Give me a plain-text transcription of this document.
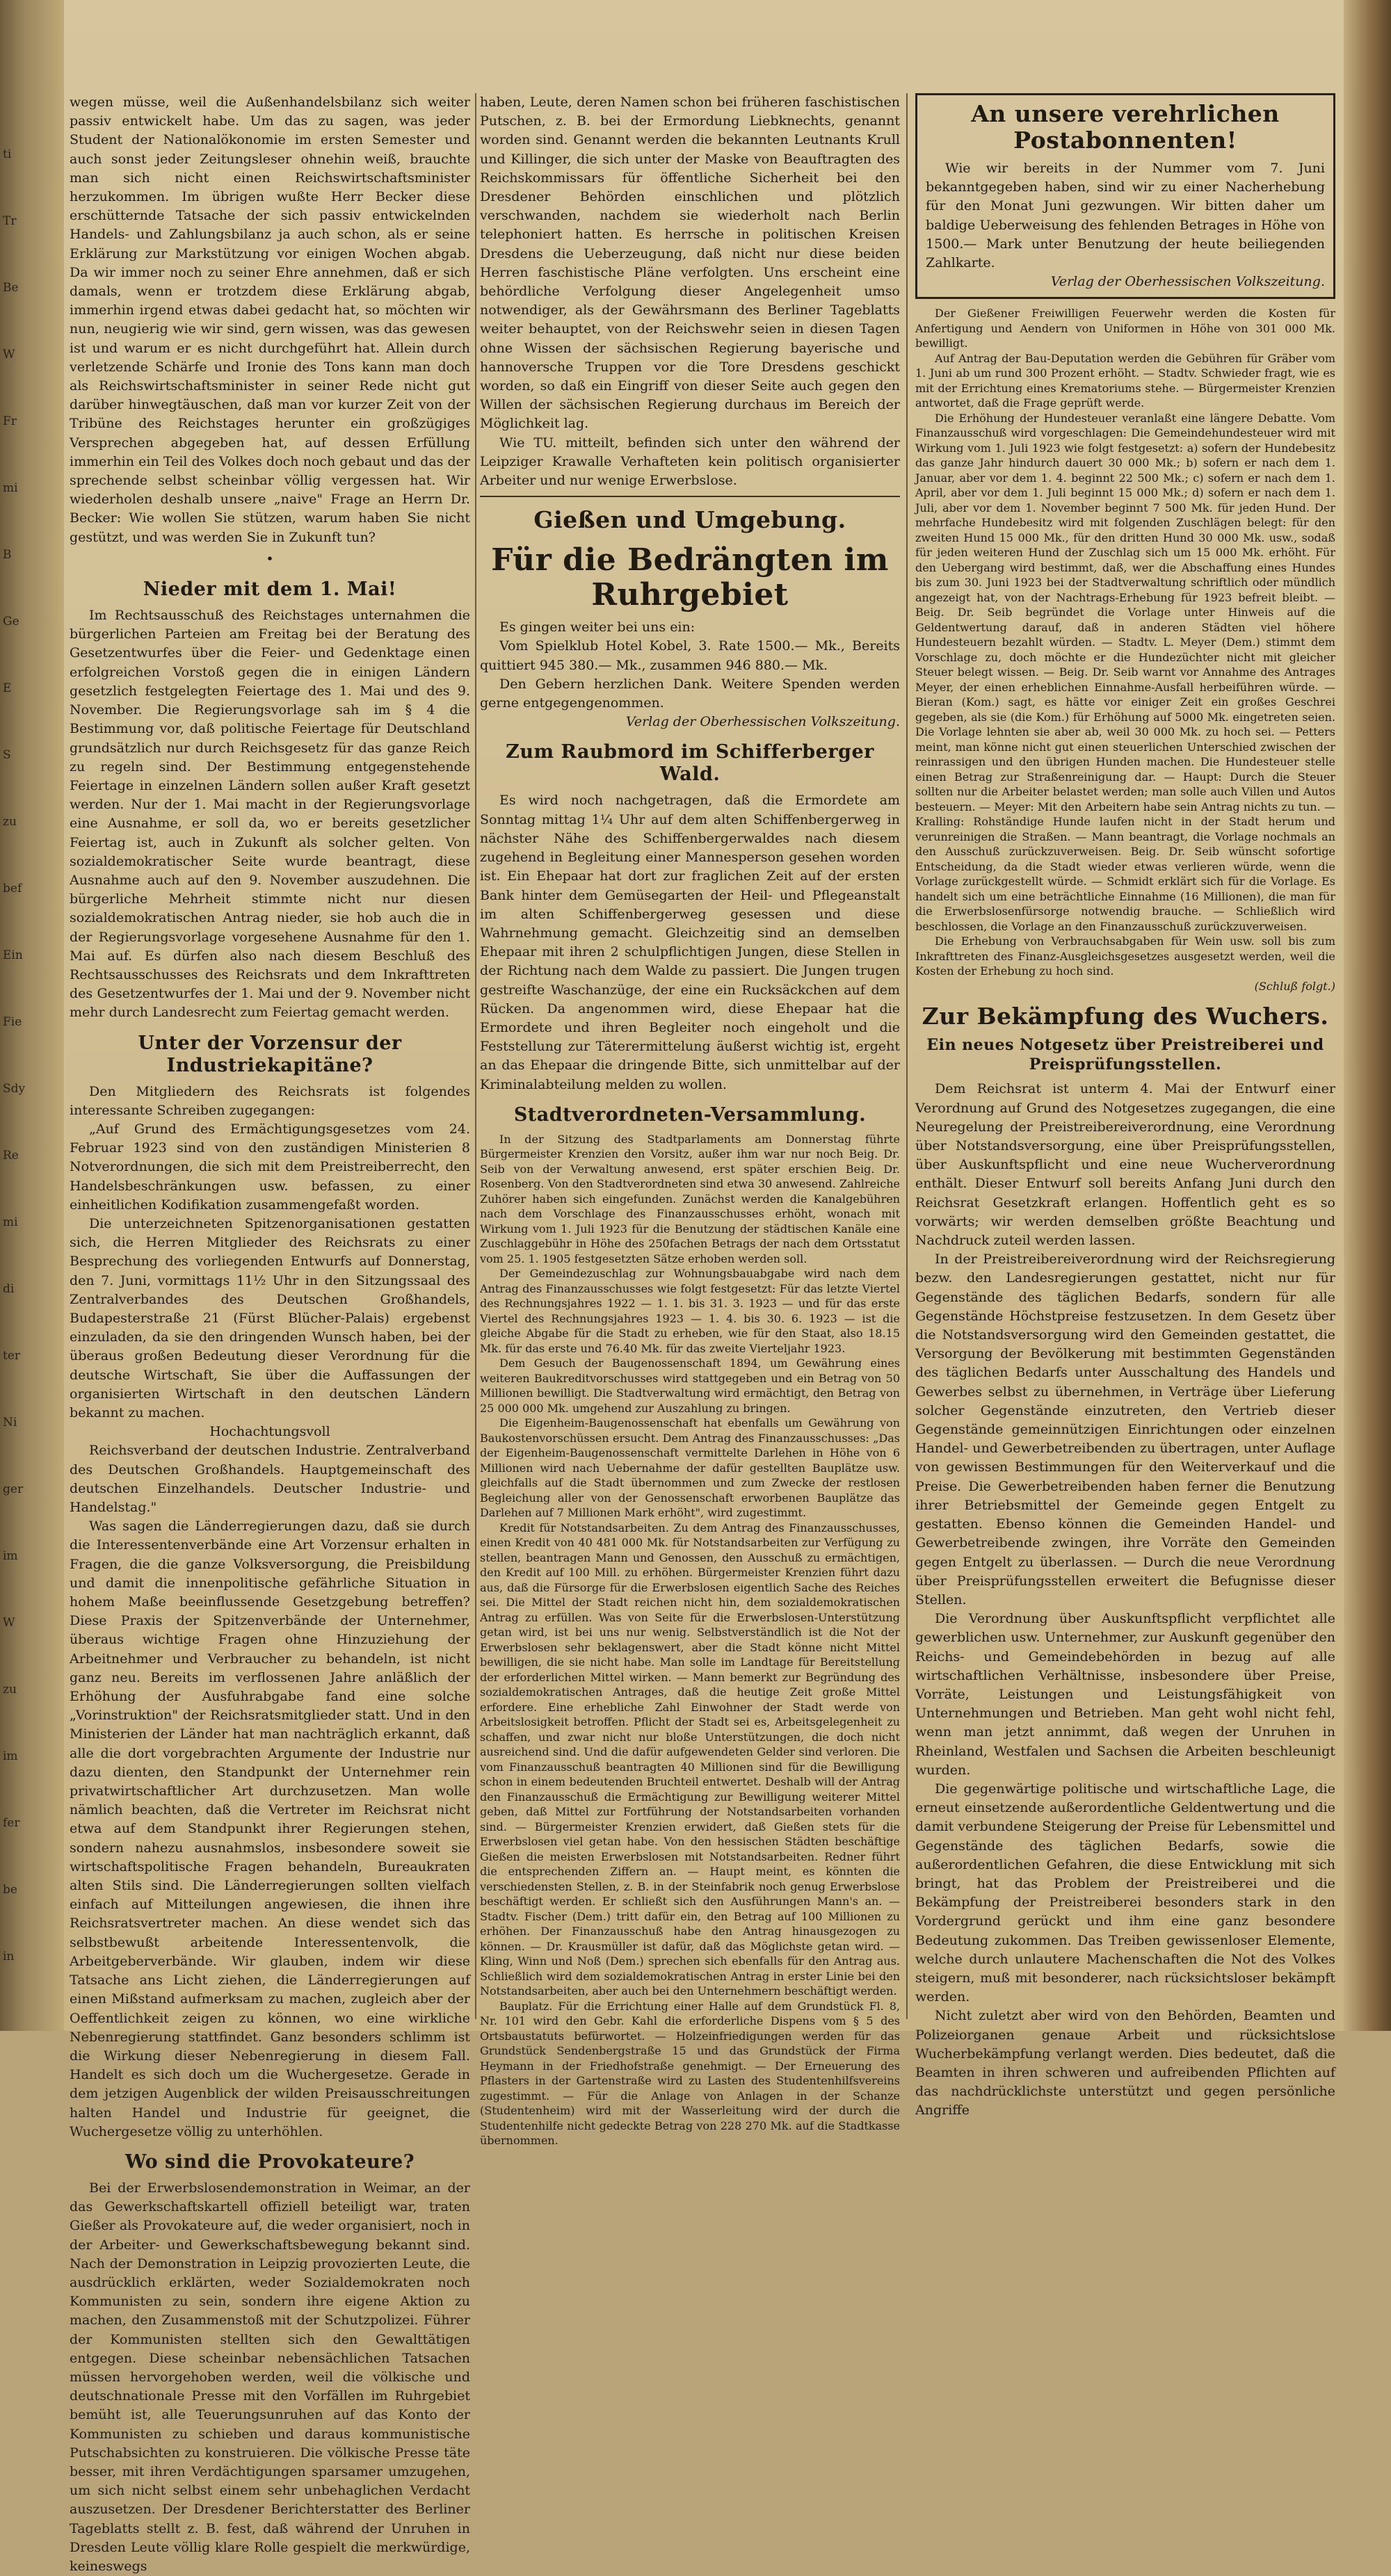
ti
Tr
Be
W
Fr
mi
B
Ge
E
S
zu
bef
Ein
Fie
Sdy
Re
mi
di
ter
Ni
ger
im
W
zu
im
fer
be
in

wegen müsse, weil die Außenhandelsbilanz sich weiter passiv entwickelt habe. Um das zu sagen, was jeder Student der Nationalökonomie im ersten Semester und auch sonst jeder Zeitungsleser ohnehin weiß, brauchte man sich nicht einen Reichswirtschaftsminister herzukommen. Im übrigen wußte Herr Becker diese erschütternde Tatsache der sich passiv entwickelnden Handels- und Zahlungsbilanz ja auch schon, als er seine Erklärung zur Markstützung vor einigen Wochen abgab. Da wir immer noch zu seiner Ehre annehmen, daß er sich damals, wenn er trotzdem diese Erklärung abgab, immerhin irgend etwas dabei gedacht hat, so möchten wir nun, neugierig wie wir sind, gern wissen, was das gewesen ist und warum er es nicht durchgeführt hat. Allein durch verletzende Schärfe und Ironie des Tons kann man doch als Reichswirtschaftsminister in seiner Rede nicht gut darüber hinwegtäuschen, daß man vor kurzer Zeit von der Tribüne des Reichstages herunter ein großzügiges Versprechen abgegeben hat, auf dessen Erfüllung immerhin ein Teil des Volkes doch noch gebaut und das der sprechende selbst scheinbar völlig vergessen hat. Wir wiederholen deshalb unsere „naive" Frage an Herrn Dr. Becker: Wie wollen Sie stützen, warum haben Sie nicht gestützt, und was werden Sie in Zukunft tun?

•
Nieder mit dem 1. Mai!

Im Rechtsausschuß des Reichstages unternahmen die bürgerlichen Parteien am Freitag bei der Beratung des Gesetzentwurfes über die Feier- und Gedenktage einen erfolgreichen Vorstoß gegen die in einigen Ländern gesetzlich festgelegten Feiertage des 1. Mai und des 9. November. Die Regierungsvorlage sah im § 4 die Bestimmung vor, daß politische Feiertage für Deutschland grundsätzlich nur durch Reichsgesetz für das ganze Reich zu regeln sind. Der Bestimmung entgegenstehende Feiertage in einzelnen Ländern sollen außer Kraft gesetzt werden. Nur der 1. Mai macht in der Regierungsvorlage eine Ausnahme, er soll da, wo er bereits gesetzlicher Feiertag ist, auch in Zukunft als solcher gelten. Von sozialdemokratischer Seite wurde beantragt, diese Ausnahme auch auf den 9. November auszudehnen. Die bürgerliche Mehrheit stimmte nicht nur diesen sozialdemokratischen Antrag nieder, sie hob auch die in der Regierungsvorlage vorgesehene Ausnahme für den 1. Mai auf. Es dürfen also nach diesem Beschluß des Rechtsausschusses des Reichsrats und dem Inkrafttreten des Gesetzentwurfes der 1. Mai und der 9. November nicht mehr durch Landesrecht zum Feiertag gemacht werden.

Unter der Vorzensur der Industriekapitäne?

Den Mitgliedern des Reichsrats ist folgendes interessante Schreiben zugegangen:

„Auf Grund des Ermächtigungsgesetzes vom 24. Februar 1923 sind von den zuständigen Ministerien 8 Notverordnungen, die sich mit dem Preistreiberrecht, den Handelsbeschränkungen usw. befassen, zu einer einheitlichen Kodifikation zusammengefaßt worden.

Die unterzeichneten Spitzenorganisationen gestatten sich, die Herren Mitglieder des Reichsrats zu einer Besprechung des vorliegenden Entwurfs auf Donnerstag, den 7. Juni, vormittags 11½ Uhr in den Sitzungssaal des Zentralverbandes des Deutschen Großhandels, Budapesterstraße 21 (Fürst Blücher-Palais) ergebenst einzuladen, da sie den dringenden Wunsch haben, bei der überaus großen Bedeutung dieser Verordnung für die deutsche Wirtschaft, Sie über die Auffassungen der organisierten Wirtschaft in den deutschen Ländern bekannt zu machen.

Hochachtungsvoll

Reichsverband der deutschen Industrie. Zentralverband des Deutschen Großhandels. Hauptgemeinschaft des deutschen Einzelhandels. Deutscher Industrie- und Handelstag."

Was sagen die Länderregierungen dazu, daß sie durch die Interessentenverbände eine Art Vorzensur erhalten in Fragen, die die ganze Volksversorgung, die Preisbildung und damit die innenpolitische gefährliche Situation in hohem Maße beeinflussende Gesetzgebung betreffen? Diese Praxis der Spitzenverbände der Unternehmer, überaus wichtige Fragen ohne Hinzuziehung der Arbeitnehmer und Verbraucher zu behandeln, ist nicht ganz neu. Bereits im verflossenen Jahre anläßlich der Erhöhung der Ausfuhrabgabe fand eine solche „Vorinstruktion" der Reichsratsmitglieder statt. Und in den Ministerien der Länder hat man nachträglich erkannt, daß alle die dort vorgebrachten Argumente der Industrie nur dazu dienten, den Standpunkt der Unternehmer rein privatwirtschaftlicher Art durchzusetzen. Man wolle nämlich beachten, daß die Vertreter im Reichsrat nicht etwa auf dem Standpunkt ihrer Regierungen stehen, sondern nahezu ausnahmslos, insbesondere soweit sie wirtschaftspolitische Fragen behandeln, Bureaukraten alten Stils sind. Die Länderregierungen sollten vielfach einfach auf Mitteilungen angewiesen, die ihnen ihre Reichsratsvertreter machen. An diese wendet sich das selbstbewußt arbeitende Interessentenvolk, die Arbeitgeberverbände. Wir glauben, indem wir diese Tatsache ans Licht ziehen, die Länderregierungen auf einen Mißstand aufmerksam zu machen, zugleich aber der Oeffentlichkeit zeigen zu können, wo eine wirkliche Nebenregierung stattfindet. Ganz besonders schlimm ist die Wirkung dieser Nebenregierung in diesem Fall. Handelt es sich doch um die Wuchergesetze. Gerade in dem jetzigen Augenblick der wilden Preisausschreitungen halten Handel und Industrie für geeignet, die Wuchergesetze völlig zu unterhöhlen.

Wo sind die Provokateure?

Bei der Erwerbslosendemonstration in Weimar, an der das Gewerkschaftskartell offiziell beteiligt war, traten Gießer als Provokateure auf, die weder organisiert, noch in der Arbeiter- und Gewerkschaftsbewegung bekannt sind. Nach der Demonstration in Leipzig provozierten Leute, die ausdrücklich erklärten, weder Sozialdemokraten noch Kommunisten zu sein, sondern ihre eigene Aktion zu machen, den Zusammenstoß mit der Schutzpolizei. Führer der Kommunisten stellten sich den Gewalttätigen entgegen. Diese scheinbar nebensächlichen Tatsachen müssen hervorgehoben werden, weil die völkische und deutschnationale Presse mit den Vorfällen im Ruhrgebiet bemüht ist, alle Teuerungsunruhen auf das Konto der Kommunisten zu schieben und daraus kommunistische Putschabsichten zu konstruieren. Die völkische Presse täte besser, mit ihren Verdächtigungen sparsamer umzugehen, um sich nicht selbst einem sehr unbehaglichen Verdacht auszusetzen. Der Dresdener Berichterstatter des Berliner Tageblatts stellt z. B. fest, daß während der Unruhen in Dresden Leute völlig klare Rolle gespielt die merkwürdige, keineswegs

haben, Leute, deren Namen schon bei früheren faschistischen Putschen, z. B. bei der Ermordung Liebknechts, genannt worden sind. Genannt werden die bekannten Leutnants Krull und Killinger, die sich unter der Maske von Beauftragten des Reichskommissars für öffentliche Sicherheit bei den Dresdener Behörden einschlichen und plötzlich verschwanden, nachdem sie wiederholt nach Berlin telephoniert hatten. Es herrsche in politischen Kreisen Dresdens die Ueberzeugung, daß nicht nur diese beiden Herren faschistische Pläne verfolgten. Uns erscheint eine behördliche Verfolgung dieser Angelegenheit umso notwendiger, als der Gewährsmann des Berliner Tageblatts weiter behauptet, von der Reichswehr seien in diesen Tagen ohne Wissen der sächsischen Regierung bayerische und hannoversche Truppen vor die Tore Dresdens geschickt worden, so daß ein Eingriff von dieser Seite auch gegen den Willen der sächsischen Regierung durchaus im Bereich der Möglichkeit lag.

Wie TU. mitteilt, befinden sich unter den während der Leipziger Krawalle Verhafteten kein politisch organisierter Arbeiter und nur wenige Erwerbslose.

Gießen und Umgebung.
Für die Bedrängten im Ruhrgebiet

Es gingen weiter bei uns ein:

Vom Spielklub Hotel Kobel, 3. Rate 1500.— Mk., Bereits quittiert 945 380.— Mk., zusammen 946 880.— Mk.

Den Gebern herzlichen Dank. Weitere Spenden werden gerne entgegengenommen.

Verlag der Oberhessischen Volkszeitung.

Zum Raubmord im Schifferberger Wald.

Es wird noch nachgetragen, daß die Ermordete am Sonntag mittag 1¼ Uhr auf dem alten Schiffenbergerweg in nächster Nähe des Schiffenbergerwaldes nach diesem zugehend in Begleitung einer Mannesperson gesehen worden ist. Ein Ehepaar hat dort zur fraglichen Zeit auf der ersten Bank hinter dem Gemüsegarten der Heil- und Pflegeanstalt im alten Schiffenbergerweg gesessen und diese Wahrnehmung gemacht. Gleichzeitig sind an demselben Ehepaar mit ihren 2 schulpflichtigen Jungen, diese Stellen in der Richtung nach dem Walde zu passiert. Die Jungen trugen gestreifte Waschanzüge, der eine ein Rucksäckchen auf dem Rücken. Da angenommen wird, diese Ehepaar hat die Ermordete und ihren Begleiter noch eingeholt und die Feststellung zur Täterermittelung äußerst wichtig ist, ergeht an das Ehepaar die dringende Bitte, sich unmittelbar auf der Kriminalabteilung melden zu wollen.

Stadtverordneten-Versammlung.

In der Sitzung des Stadtparlaments am Donnerstag führte Bürgermeister Krenzien den Vorsitz, außer ihm war nur noch Beig. Dr. Seib von der Verwaltung anwesend, erst später erschien Beig. Dr. Rosenberg. Von den Stadtverordneten sind etwa 30 anwesend. Zahlreiche Zuhörer haben sich eingefunden. Zunächst werden die Kanalgebühren nach dem Vorschlage des Finanzausschusses erhöht, wonach mit Wirkung vom 1. Juli 1923 für die Benutzung der städtischen Kanäle eine Zuschlaggebühr in Höhe des 250fachen Betrags der nach dem Ortsstatut vom 25. 1. 1905 festgesetzten Sätze erhoben werden soll.

Der Gemeindezuschlag zur Wohnungsbauabgabe wird nach dem Antrag des Finanzausschusses wie folgt festgesetzt: Für das letzte Viertel des Rechnungsjahres 1922 — 1. 1. bis 31. 3. 1923 — und für das erste Viertel des Rechnungsjahres 1923 — 1. 4. bis 30. 6. 1923 — ist die gleiche Abgabe für die Stadt zu erheben, wie für den Staat, also 18.15 Mk. für das erste und 76.40 Mk. für das zweite Vierteljahr 1923.

Dem Gesuch der Baugenossenschaft 1894, um Gewährung eines weiteren Baukreditvorschusses wird stattgegeben und ein Betrag von 50 Millionen bewilligt. Die Stadtverwaltung wird ermächtigt, den Betrag von 25 000 000 Mk. umgehend zur Auszahlung zu bringen.

Die Eigenheim-Baugenossenschaft hat ebenfalls um Gewährung von Baukostenvorschüssen ersucht. Dem Antrag des Finanzausschusses: „Das der Eigenheim-Baugenossenschaft vermittelte Darlehen in Höhe von 6 Millionen wird nach Uebernahme der dafür gestellten Bauplätze usw. gleichfalls auf die Stadt übernommen und zum Zwecke der restlosen Begleichung aller von der Genossenschaft erworbenen Bauplätze das Darlehen auf 7 Millionen Mark erhöht", wird zugestimmt.

Kredit für Notstandsarbeiten. Zu dem Antrag des Finanzausschusses, einen Kredit von 40 481 000 Mk. für Notstandsarbeiten zur Verfügung zu stellen, beantragen Mann und Genossen, den Ausschuß zu ermächtigen, den Kredit auf 100 Mill. zu erhöhen. Bürgermeister Krenzien führt dazu aus, daß die Fürsorge für die Erwerbslosen eigentlich Sache des Reiches sei. Die Mittel der Stadt reichen nicht hin, dem sozialdemokratischen Antrag zu erfüllen. Was von Seite für die Erwerbslosen-Unterstützung getan wird, ist bei uns nur wenig. Selbstverständlich ist die Not der Erwerbslosen sehr beklagenswert, aber die Stadt könne nicht Mittel bewilligen, die sie nicht habe. Man solle im Landtage für Bereitstellung der erforderlichen Mittel wirken. — Mann bemerkt zur Begründung des sozialdemokratischen Antrages, daß die heutige Zeit große Mittel erfordere. Eine erhebliche Zahl Einwohner der Stadt werde von Arbeitslosigkeit betroffen. Pflicht der Stadt sei es, Arbeitsgelegenheit zu schaffen, und zwar nicht nur bloße Unterstützungen, die doch nicht ausreichend sind. Und die dafür aufgewendeten Gelder sind verloren. Die vom Finanzausschuß beantragten 40 Millionen sind für die Bewilligung schon in einem bedeutenden Bruchteil entwertet. Deshalb will der Antrag den Finanzausschuß die Ermächtigung zur Bewilligung weiterer Mittel geben, daß Mittel zur Fortführung der Notstandsarbeiten vorhanden sind. — Bürgermeister Krenzien erwidert, daß Gießen stets für die Erwerbslosen viel getan habe. Von den hessischen Städten beschäftige Gießen die meisten Erwerbslosen mit Notstandsarbeiten. Redner führt die entsprechenden Ziffern an. — Haupt meint, es könnten die verschiedensten Stellen, z. B. in der Steinfabrik noch genug Erwerbslose beschäftigt werden. Er schließt sich den Ausführungen Mann's an. — Stadtv. Fischer (Dem.) tritt dafür ein, den Betrag auf 100 Millionen zu erhöhen. Der Finanzausschuß habe den Antrag hinausgezogen zu können. — Dr. Krausmüller ist dafür, daß das Möglichste getan wird. — Kling, Winn und Noß (Dem.) sprechen sich ebenfalls für den Antrag aus. Schließlich wird dem sozialdemokratischen Antrag in erster Linie bei den Notstandsarbeiten, aber auch bei den Unternehmern beschäftigt werden.

Bauplatz. Für die Errichtung einer Halle auf dem Grundstück Fl. 8, Nr. 101 wird den Gebr. Kahl die erforderliche Dispens vom § 5 des Ortsbaustatuts befürwortet. — Holzeinfriedigungen werden für das Grundstück Sendenbergstraße 15 und das Grundstück der Firma Heymann in der Friedhofstraße genehmigt. — Der Erneuerung des Pflasters in der Gartenstraße wird zu Lasten des Studentenhilfsvereins zugestimmt. — Für die Anlage von Anlagen in der Schanze (Studentenheim) wird mit der Wasserleitung wird der durch die Studentenhilfe nicht gedeckte Betrag von 228 270 Mk. auf die Stadtkasse übernommen.

An unsere verehrlichen Postabonnenten!

Wie wir bereits in der Nummer vom 7. Juni bekanntgegeben haben, sind wir zu einer Nacherhebung für den Monat Juni gezwungen. Wir bitten daher um baldige Ueberweisung des fehlenden Betrages in Höhe von 1500.— Mark unter Benutzung der heute beiliegenden Zahlkarte.

Verlag der Oberhessischen Volkszeitung.

Der Gießener Freiwilligen Feuerwehr werden die Kosten für Anfertigung und Aendern von Uniformen in Höhe von 301 000 Mk. bewilligt.

Auf Antrag der Bau-Deputation werden die Gebühren für Gräber vom 1. Juni ab um rund 300 Prozent erhöht. — Stadtv. Schwieder fragt, wie es mit der Errichtung eines Krematoriums stehe. — Bürgermeister Krenzien antwortet, daß die Frage geprüft werde.

Die Erhöhung der Hundesteuer veranlaßt eine längere Debatte. Vom Finanzausschuß wird vorgeschlagen: Die Gemeindehundesteuer wird mit Wirkung vom 1. Juli 1923 wie folgt festgesetzt: a) sofern der Hundebesitz das ganze Jahr hindurch dauert 30 000 Mk.; b) sofern er nach dem 1. Januar, aber vor dem 1. 4. beginnt 22 500 Mk.; c) sofern er nach dem 1. April, aber vor dem 1. Juli beginnt 15 000 Mk.; d) sofern er nach dem 1. Juli, aber vor dem 1. November beginnt 7 500 Mk. für jeden Hund. Der mehrfache Hundebesitz wird mit folgenden Zuschlägen belegt: für den zweiten Hund 15 000 Mk., für den dritten Hund 30 000 Mk. usw., sodaß für jeden weiteren Hund der Zuschlag sich um 15 000 Mk. erhöht. Für den Uebergang wird bestimmt, daß, wer die Abschaffung eines Hundes bis zum 30. Juni 1923 bei der Stadtverwaltung schriftlich oder mündlich angezeigt hat, von der Nachtrags-Erhebung für 1923 befreit bleibt. — Beig. Dr. Seib begründet die Vorlage unter Hinweis auf die Geldentwertung darauf, daß in anderen Städten viel höhere Hundesteuern bezahlt würden. — Stadtv. L. Meyer (Dem.) stimmt dem Vorschlage zu, doch möchte er die Hundezüchter nicht mit gleicher Steuer belegt wissen. — Beig. Dr. Seib warnt vor Annahme des Antrages Meyer, der einen erheblichen Einnahme-Ausfall herbeiführen würde. — Bieran (Kom.) sagt, es hätte vor einiger Zeit ein großes Geschrei gegeben, als sie (die Kom.) für Erhöhung auf 5000 Mk. eingetreten seien. Die Vorlage lehnten sie aber ab, weil 30 000 Mk. zu hoch sei. — Petters meint, man könne nicht gut einen steuerlichen Unterschied zwischen der reinrassigen und den übrigen Hunden machen. Die Hundesteuer stelle einen Betrag zur Straßenreinigung dar. — Haupt: Durch die Steuer sollten nur die Arbeiter belastet werden; man solle auch Villen und Autos besteuern. — Meyer: Mit den Arbeitern habe sein Antrag nichts zu tun. — Kralling: Rohständige Hunde laufen nicht in der Stadt herum und verunreinigen die Straßen. — Mann beantragt, die Vorlage nochmals an den Ausschuß zurückzuverweisen. Beig. Dr. Seib wünscht sofortige Entscheidung, da die Stadt wieder etwas verlieren würde, wenn die Vorlage zurückgestellt würde. — Schmidt erklärt sich für die Vorlage. Es handelt sich um eine beträchtliche Einnahme (16 Millionen), die man für die Erwerbslosenfürsorge notwendig brauche. — Schließlich wird beschlossen, die Vorlage an den Finanzausschuß zurückzuverweisen.

Die Erhebung von Verbrauchsabgaben für Wein usw. soll bis zum Inkrafttreten des Finanz-Ausgleichsgesetzes ausgesetzt werden, weil die Kosten der Erhebung zu hoch sind.

(Schluß folgt.)

Zur Bekämpfung des Wuchers.
Ein neues Notgesetz über Preistreiberei und Preisprüfungsstellen.

Dem Reichsrat ist unterm 4. Mai der Entwurf einer Verordnung auf Grund des Notgesetzes zugegangen, die eine Neuregelung der Preistreibereiverordnung, eine Verordnung über Notstandsversorgung, eine über Preisprüfungsstellen, über Auskunftspflicht und eine neue Wucherverordnung enthält. Dieser Entwurf soll bereits Anfang Juni durch den Reichsrat Gesetzkraft erlangen. Hoffentlich geht es so vorwärts; wir werden demselben größte Beachtung und Nachdruck zuteil werden lassen.

In der Preistreibereiverordnung wird der Reichsregierung bezw. den Landesregierungen gestattet, nicht nur für Gegenstände des täglichen Bedarfs, sondern für alle Gegenstände Höchstpreise festzusetzen. In dem Gesetz über die Notstandsversorgung wird den Gemeinden gestattet, die Versorgung der Bevölkerung mit bestimmten Gegenständen des täglichen Bedarfs unter Ausschaltung des Handels und Gewerbes selbst zu übernehmen, in Verträge über Lieferung solcher Gegenstände einzutreten, den Vertrieb dieser Gegenstände gemeinnützigen Einrichtungen oder einzelnen Handel- und Gewerbetreibenden zu übertragen, unter Auflage von gewissen Bestimmungen für den Weiterverkauf und die Preise. Die Gewerbetreibenden haben ferner die Benutzung ihrer Betriebsmittel der Gemeinde gegen Entgelt zu gestatten. Ebenso können die Gemeinden Handel- und Gewerbetreibende zwingen, ihre Vorräte den Gemeinden gegen Entgelt zu überlassen. — Durch die neue Verordnung über Preisprüfungsstellen erweitert die Befugnisse dieser Stellen.

Die Verordnung über Auskunftspflicht verpflichtet alle gewerblichen usw. Unternehmer, zur Auskunft gegenüber den Reichs- und Gemeindebehörden in bezug auf alle wirtschaftlichen Verhältnisse, insbesondere über Preise, Vorräte, Leistungen und Leistungsfähigkeit von Unternehmungen und Betrieben. Man geht wohl nicht fehl, wenn man jetzt annimmt, daß wegen der Unruhen in Rheinland, Westfalen und Sachsen die Arbeiten beschleunigt wurden.

Die gegenwärtige politische und wirtschaftliche Lage, die erneut einsetzende außerordentliche Geldentwertung und die damit verbundene Steigerung der Preise für Lebensmittel und Gegenstände des täglichen Bedarfs, sowie die außerordentlichen Gefahren, die diese Entwicklung mit sich bringt, hat das Problem der Preistreiberei und die Bekämpfung der Preistreiberei besonders stark in den Vordergrund gerückt und ihm eine ganz besondere Bedeutung zukommen. Das Treiben gewissenloser Elemente, welche durch unlautere Machenschaften die Not des Volkes steigern, muß mit besonderer, nach rücksichtsloser bekämpft werden.

Nicht zuletzt aber wird von den Behörden, Beamten und Polizeiorganen genaue Arbeit und rücksichtslose Wucherbekämpfung verlangt werden. Dies bedeutet, daß die Beamten in ihren schweren und aufreibenden Pflichten auf das nachdrücklichste unterstützt und gegen persönliche Angriffe
